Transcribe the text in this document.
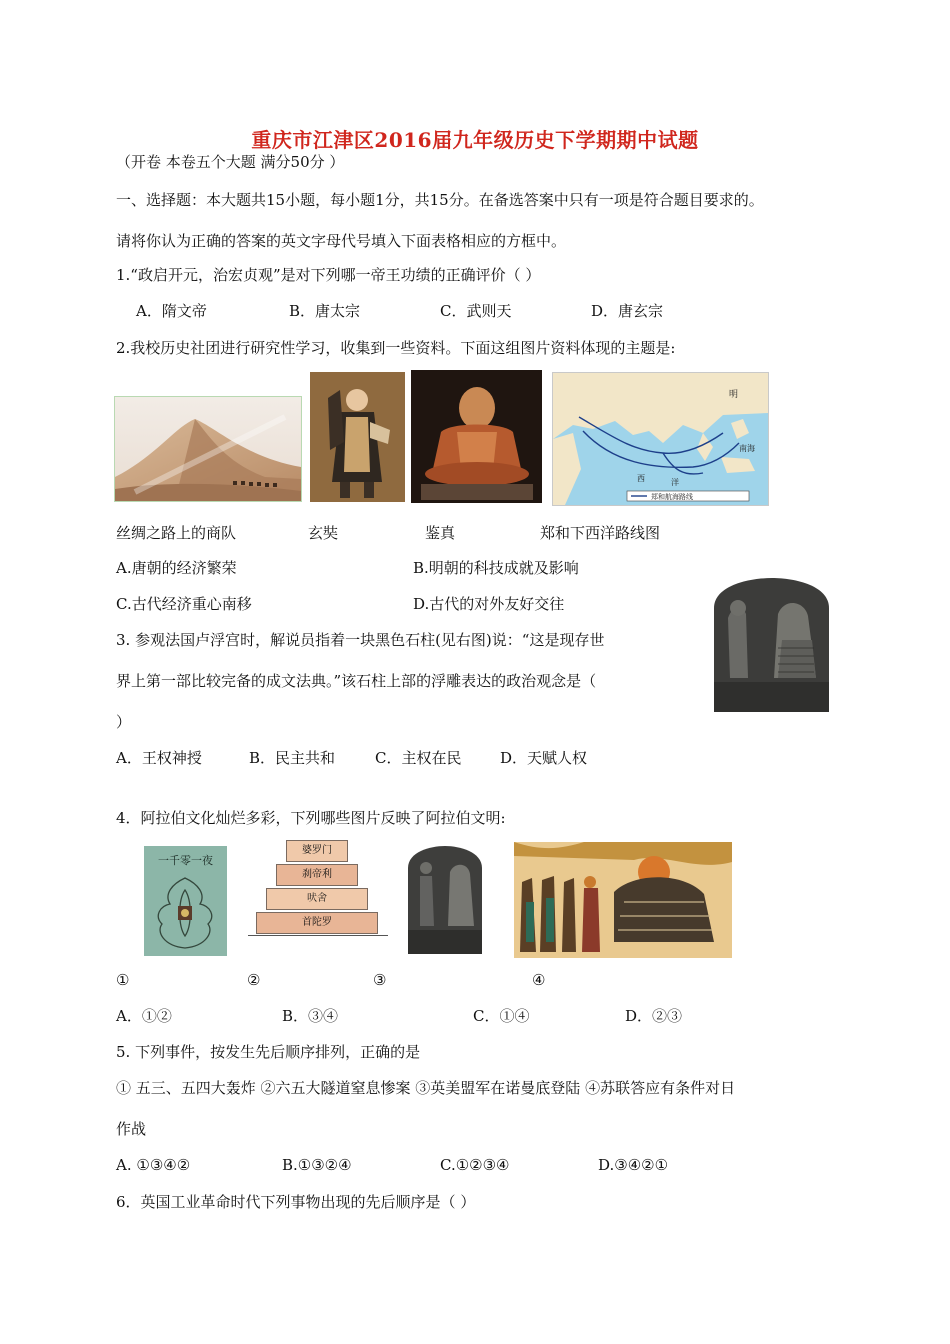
重庆市江津区2016届九年级历史下学期期中试题
（开卷 本卷五个大题 满分50分 ）
一、选择题：本大题共15小题，每小题1分，共15分。在备选答案中只有一项是符合题目要求的。
请将你认为正确的答案的英文字母代号填入下面表格相应的方框中。
1.“政启开元，治宏贞观”是对下列哪一帝王功绩的正确评价（ ）
A．隋文帝	B．唐太宗	C．武则天	D．唐玄宗
2.我校历史社团进行研究性学习，收集到一些资料。下面这组图片资料体现的主题是:
明
南海
西	洋
郑和航海路线
丝绸之路上的商队	玄奘	鉴真	郑和下西洋路线图
A.唐朝的经济繁荣	B.明朝的科技成就及影响
C.古代经济重心南移	D.古代的对外友好交往
3. 参观法国卢浮宫时，解说员指着一块黑色石柱(见右图)说：“这是现存世
界上第一部比较完备的成文法典。”该石柱上部的浮雕表达的政治观念是（
）
A．王权神授	B．民主共和	C．主权在民	D．天赋人权
4．阿拉伯文化灿烂多彩，下列哪些图片反映了阿拉伯文明:
一千零一夜
婆罗门
刹帝利
吠舍
首陀罗
①	②	③	④
A．①②	B．③④	C．①④	D．②③
5. 下列事件，按发生先后顺序排列，正确的是
① 五三、五四大轰炸 ②六五大隧道窒息惨案 ③英美盟军在诺曼底登陆 ④苏联答应有条件对日
作战
A. ①③④②	B.①③②④	C.①②③④	D.③④②①
6．英国工业革命时代下列事物出现的先后顺序是（ ）
